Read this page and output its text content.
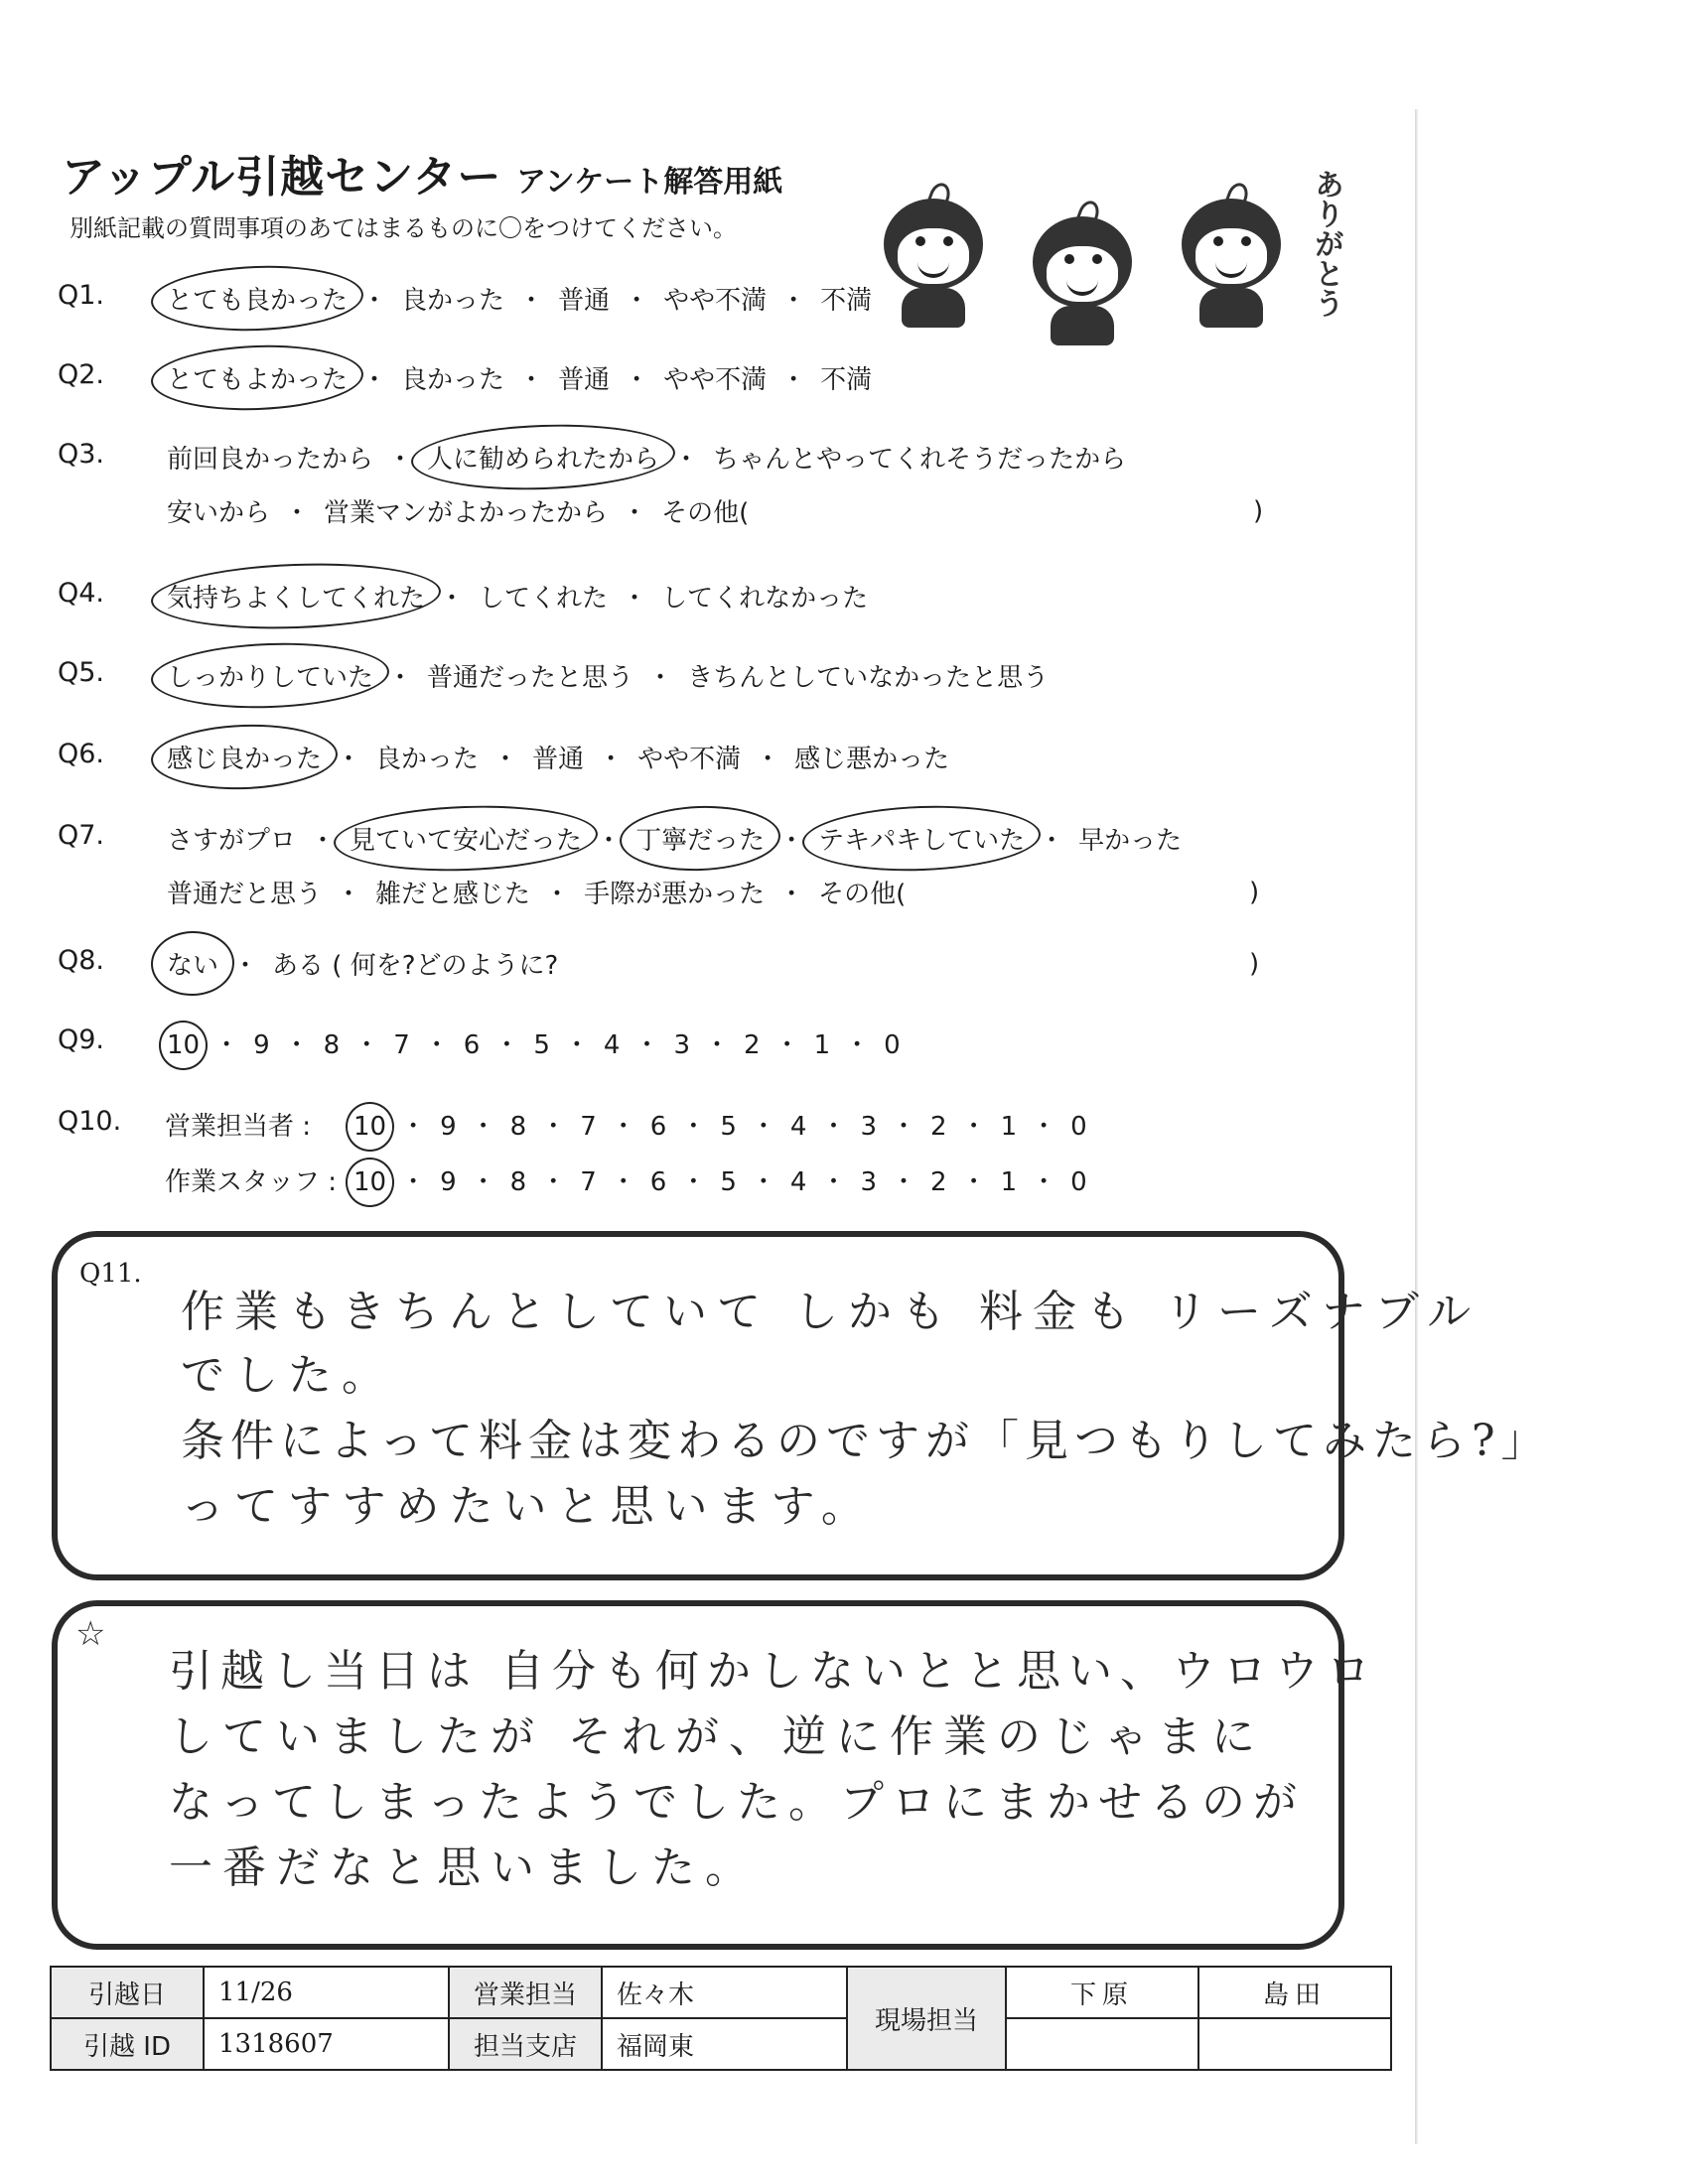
アップル引越センター アンケート解答用紙
別紙記載の質問事項のあてはまるものに〇をつけてください。	ありがとう
Q1. とても良かった ・ 良かった ・ 普通 ・ やや不満 ・ 不満
Q2. とてもよかった ・ 良かった ・ 普通 ・ やや不満 ・ 不満
Q3. 前回良かったから ・ 人に勧められたから ・ ちゃんとやってくれそうだったから
安いから ・ 営業マンがよかったから ・ その他(	)
Q4. 気持ちよくしてくれた ・ してくれた ・ してくれなかった
Q5. しっかりしていた ・ 普通だったと思う ・ きちんとしていなかったと思う
Q6. 感じ良かった ・ 良かった ・ 普通 ・ やや不満 ・ 感じ悪かった
Q7. さすがプロ ・ 見ていて安心だった ・ 丁寧だった ・ テキパキしていた ・ 早かった
普通だと思う ・ 雑だと感じた ・ 手際が悪かった ・ その他(	)
Q8. ない ・ ある ( 何を?どのように?	)
Q9. 10 ・ 9 ・ 8 ・ 7 ・ 6 ・ 5 ・ 4 ・ 3 ・ 2 ・ 1 ・ 0
Q10. 営業担当者 : 10 ・ 9 ・ 8 ・ 7 ・ 6 ・ 5 ・ 4 ・ 3 ・ 2 ・ 1 ・ 0
作業スタッフ : 10 ・ 9 ・ 8 ・ 7 ・ 6 ・ 5 ・ 4 ・ 3 ・ 2 ・ 1 ・ 0
Q11.
作業もきちんとしていて しかも 料金も リーズナブル
でした。
条件によって料金は変わるのですが「見つもりしてみたら?」
ってすすめたいと思います。
☆
引越し当日は 自分も何かしないとと思い、ウロウロ
していましたが それが、逆に作業のじゃまに
なってしまったようでした。プロにまかせるのが
一番だなと思いました。
引越日	11/26	営業担当	佐々木	現場担当	下原	島田
引越 ID	1318607	担当支店	福岡東			
